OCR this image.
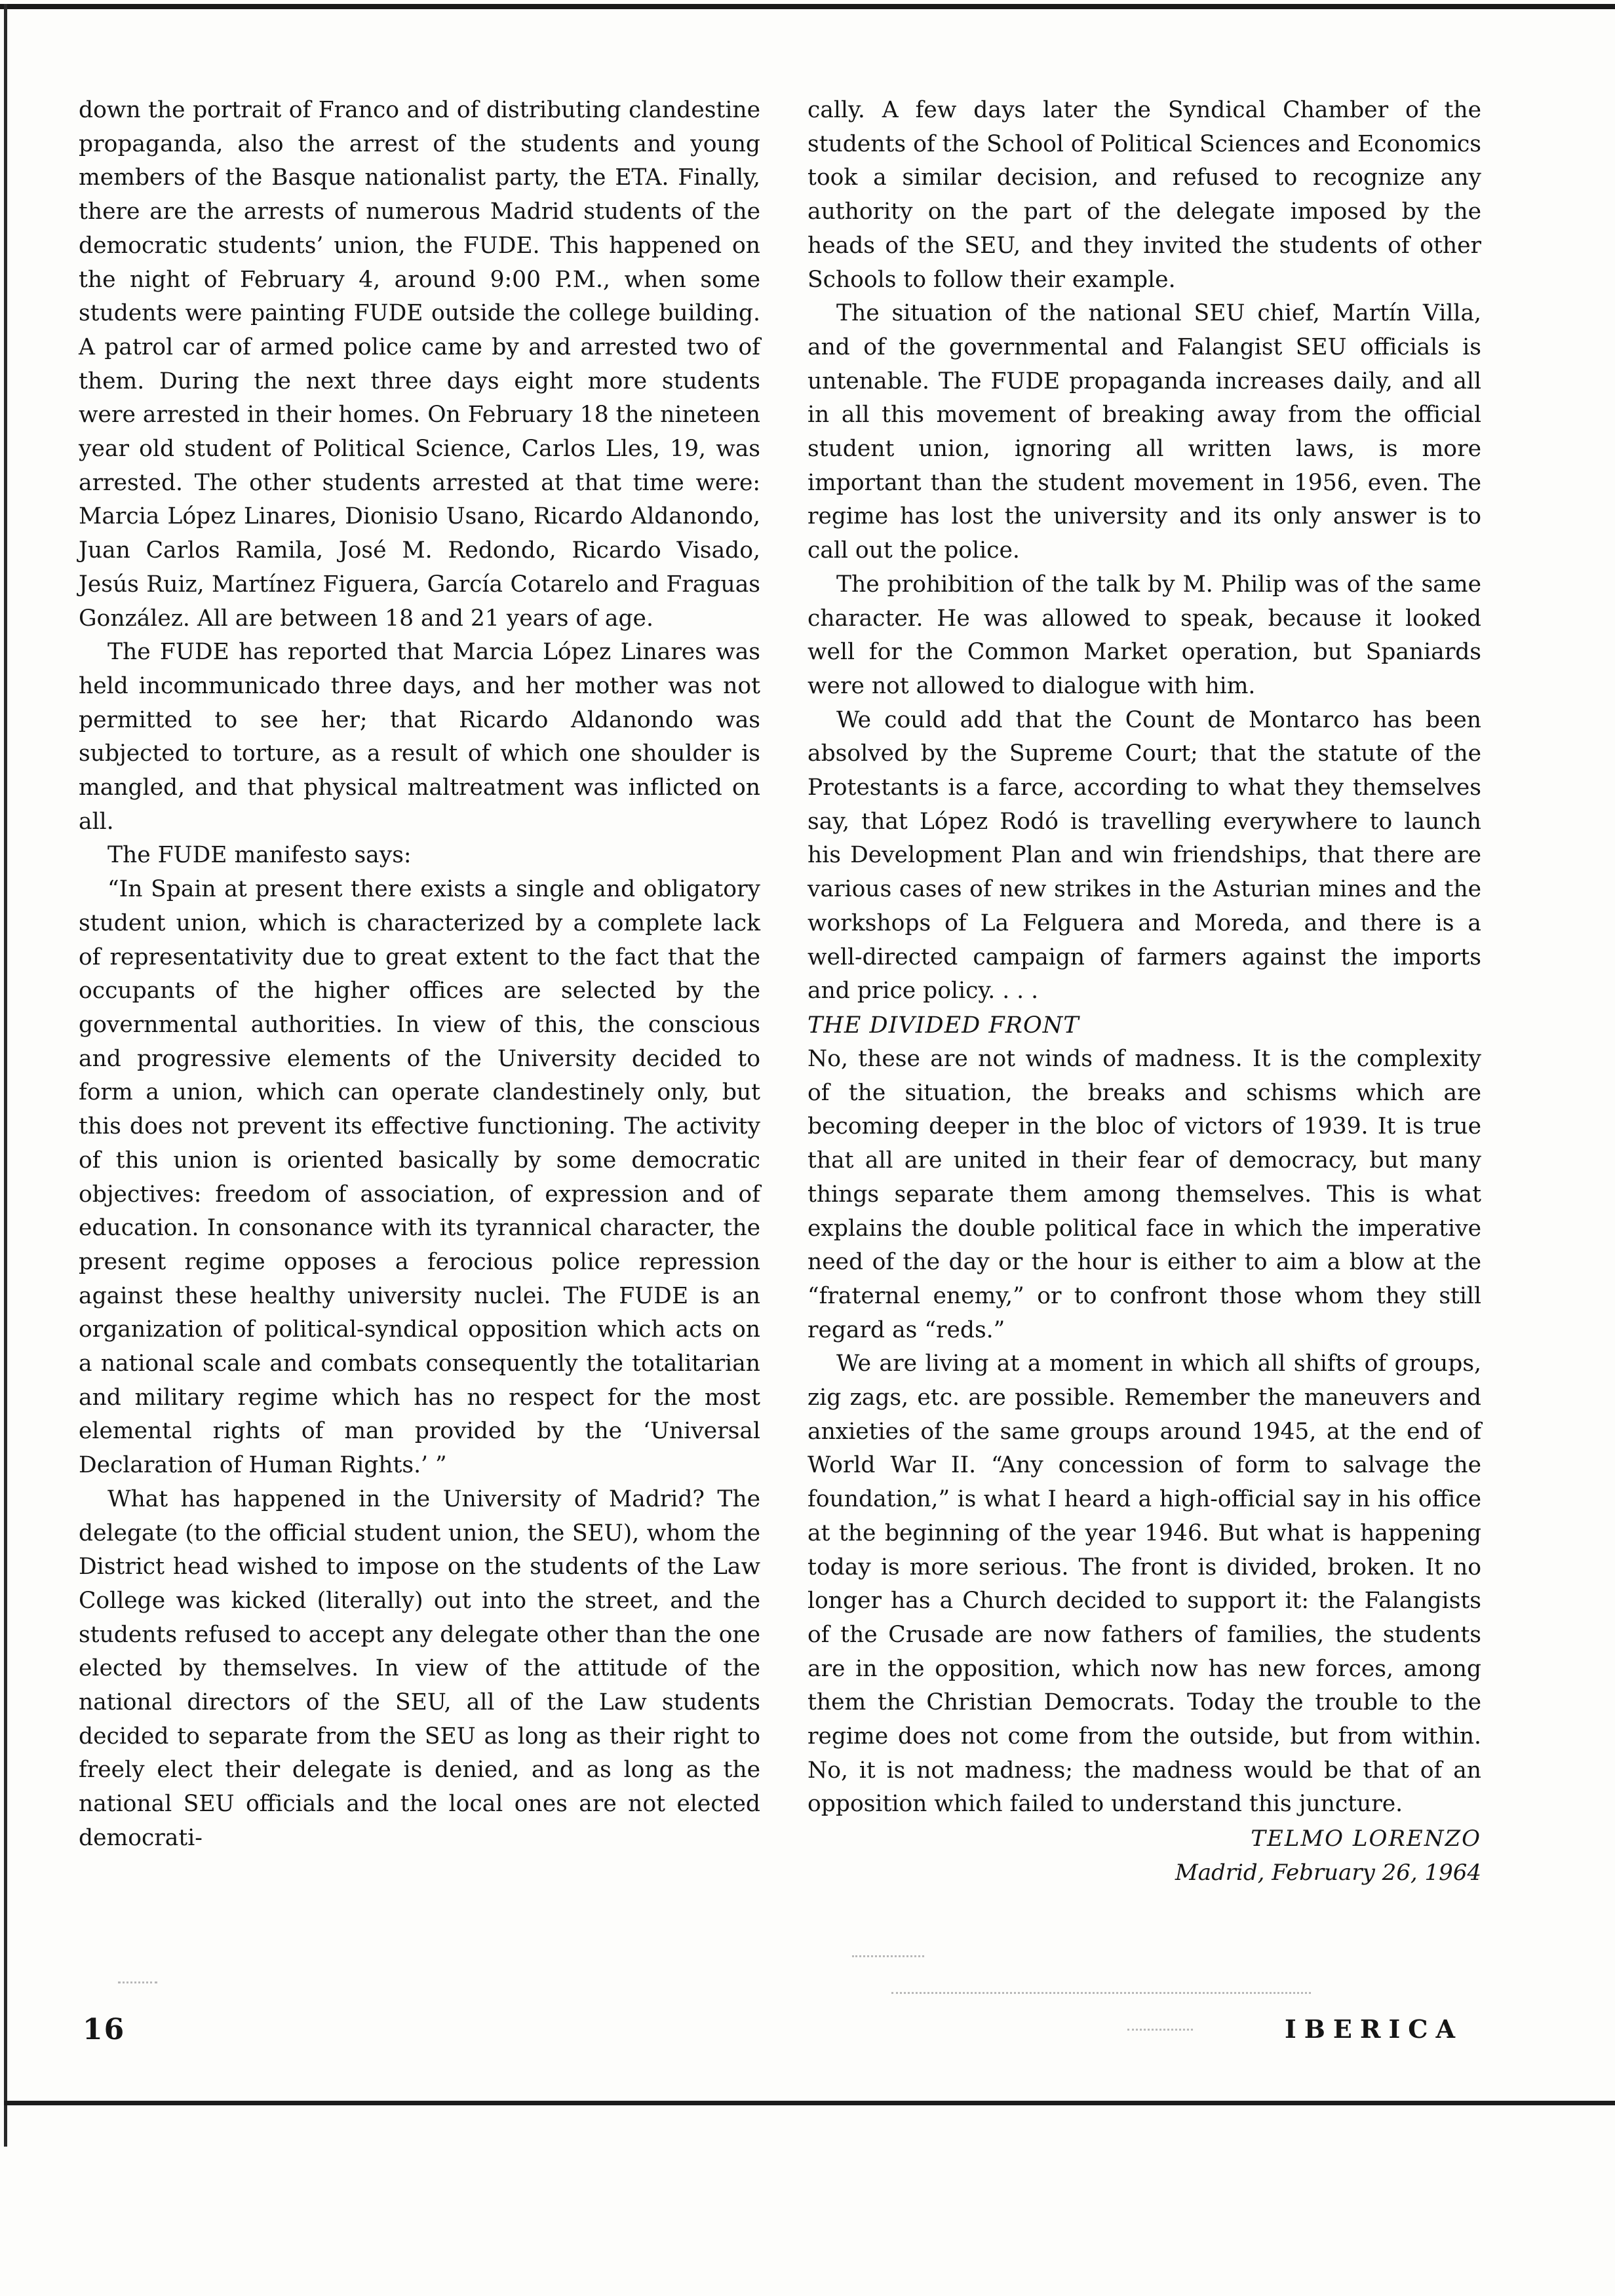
down the portrait of Franco and of distributing clandestine propaganda, also the arrest of the students and young members of the Basque nationalist party, the ETA. Finally, there are the arrests of numerous Madrid students of the democratic students’ union, the FUDE. This happened on the night of February 4, around 9:00 P.M., when some students were painting FUDE outside the college building. A patrol car of armed police came by and arrested two of them. During the next three days eight more students were arrested in their homes. On February 18 the nineteen year old student of Political Science, Carlos Lles, 19, was arrested. The other students arrested at that time were: Marcia López Linares, Dionisio Usano, Ricardo Aldanondo, Juan Carlos Ramila, José M. Redondo, Ricardo Visado, Jesús Ruiz, Martínez Figuera, García Cotarelo and Fraguas González. All are between 18 and 21 years of age.

The FUDE has reported that Marcia López Linares was held incommunicado three days, and her mother was not permitted to see her; that Ricardo Aldanondo was subjected to torture, as a result of which one shoulder is mangled, and that physical maltreatment was inflicted on all.

The FUDE manifesto says:

“In Spain at present there exists a single and obligatory student union, which is characterized by a complete lack of representativity due to great extent to the fact that the occupants of the higher offices are selected by the governmental authorities. In view of this, the conscious and progressive elements of the University decided to form a union, which can operate clandestinely only, but this does not prevent its effective functioning. The activity of this union is oriented basically by some democratic objectives: freedom of association, of expression and of education. In consonance with its tyrannical character, the present regime opposes a ferocious police repression against these healthy university nuclei. The FUDE is an organization of political-syndical opposition which acts on a national scale and combats consequently the totalitarian and military regime which has no respect for the most elemental rights of man provided by the ‘Universal Declaration of Human Rights.’ ”

What has happened in the University of Madrid? The delegate (to the official student union, the SEU), whom the District head wished to impose on the students of the Law College was kicked (literally) out into the street, and the students refused to accept any delegate other than the one elected by themselves. In view of the attitude of the national directors of the SEU, all of the Law students decided to separate from the SEU as long as their right to freely elect their delegate is denied, and as long as the national SEU officials and the local ones are not elected democrati-

cally. A few days later the Syndical Chamber of the students of the School of Political Sciences and Economics took a similar decision, and refused to recognize any authority on the part of the delegate imposed by the heads of the SEU, and they invited the students of other Schools to follow their example.

The situation of the national SEU chief, Martín Villa, and of the governmental and Falangist SEU officials is untenable. The FUDE propaganda increases daily, and all in all this movement of breaking away from the official student union, ignoring all written laws, is more important than the student movement in 1956, even. The regime has lost the university and its only answer is to call out the police.

The prohibition of the talk by M. Philip was of the same character. He was allowed to speak, because it looked well for the Common Market operation, but Spaniards were not allowed to dialogue with him.

We could add that the Count de Montarco has been absolved by the Supreme Court; that the statute of the Protestants is a farce, according to what they themselves say, that López Rodó is travelling everywhere to launch his Development Plan and win friendships, that there are various cases of new strikes in the Asturian mines and the workshops of La Felguera and Moreda, and there is a well-directed campaign of farmers against the imports and price policy. . . .

THE DIVIDED FRONT

No, these are not winds of madness. It is the complexity of the situation, the breaks and schisms which are becoming deeper in the bloc of victors of 1939. It is true that all are united in their fear of democracy, but many things separate them among themselves. This is what explains the double political face in which the imperative need of the day or the hour is either to aim a blow at the “fraternal enemy,” or to confront those whom they still regard as “reds.”

We are living at a moment in which all shifts of groups, zig zags, etc. are possible. Remember the maneuvers and anxieties of the same groups around 1945, at the end of World War II. “Any concession of form to salvage the foundation,” is what I heard a high-official say in his office at the beginning of the year 1946. But what is happening today is more serious. The front is divided, broken. It no longer has a Church decided to support it: the Falangists of the Crusade are now fathers of families, the students are in the opposition, which now has new forces, among them the Christian Democrats. Today the trouble to the regime does not come from the outside, but from within. No, it is not madness; the madness would be that of an opposition which failed to understand this juncture.

TELMO LORENZO
Madrid, February 26, 1964
16	IBERICA
